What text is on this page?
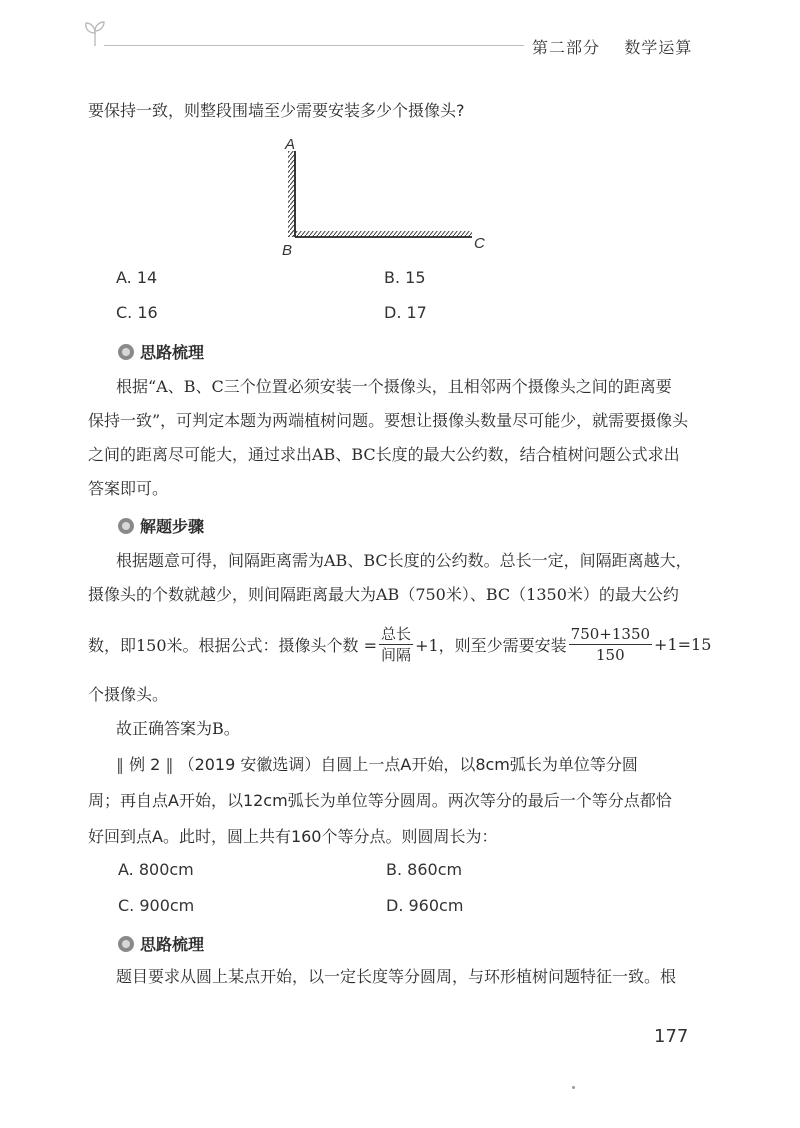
第二部分 数学运算
要保持一致，则整段围墙至少需要安装多少个摄像头?
A
B	C
A. 14	B. 15
C. 16	D. 17
思路梳理
根据“A、B、C三个位置必须安装一个摄像头，且相邻两个摄像头之间的距离要
保持一致”，可判定本题为两端植树问题。要想让摄像头数量尽可能少，就需要摄像头
之间的距离尽可能大，通过求出AB、BC长度的最大公约数，结合植树问题公式求出
答案即可。
解题步骤
根据题意可得，间隔距离需为AB、BC长度的公约数。总长一定，间隔距离越大，
摄像头的个数就越少，则间隔距离最大为AB（750米）、BC（1350米）的最大公约
数，即150米。根据公式：摄像头个数 = $\frac{\text{总长}}{\text{间隔}} +1$，则至少需要安装 $\frac{750+1350}{150} +1=15$
个摄像头。
故正确答案为B。
‖ 例 2 ‖ （2019 安徽选调）自圆上一点A开始，以8cm弧长为单位等分圆
周；再自点A开始，以12cm弧长为单位等分圆周。两次等分的最后一个等分点都恰
好回到点A。此时，圆上共有160个等分点。则圆周长为：
A. 800cm	B. 860cm
C. 900cm	D. 960cm
思路梳理
题目要求从圆上某点开始，以一定长度等分圆周，与环形植树问题特征一致。根
177
